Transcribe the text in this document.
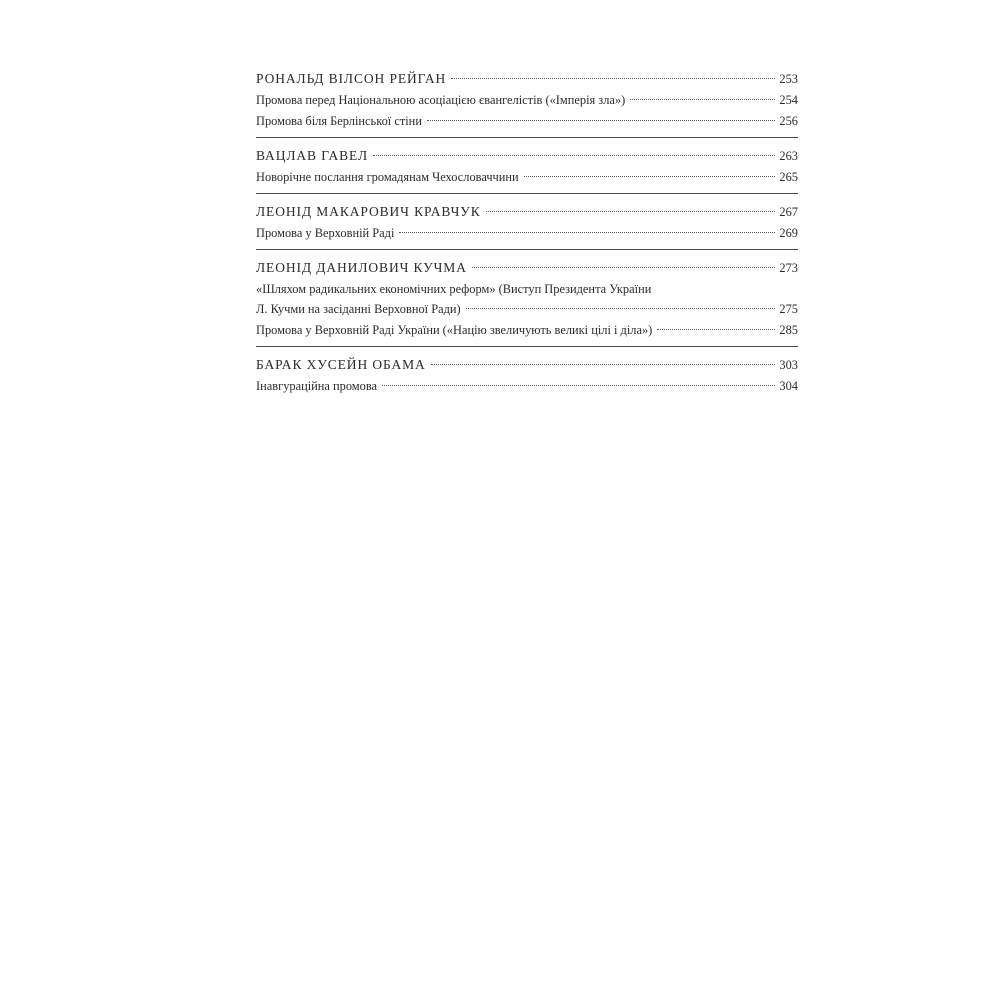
РОНАЛЬД ВІЛСОН РЕЙГАН	253
Промова перед Національною асоціацією євангелістів («Імперія зла»)	254
Промова біля Берлінської стіни	256
ВАЦЛАВ ГАВЕЛ	263
Новорічне послання громадянам Чехословаччини	265
ЛЕОНІД МАКАРОВИЧ КРАВЧУК	267
Промова у Верховній Раді	269
ЛЕОНІД ДАНИЛОВИЧ КУЧМА	273
«Шляхом радикальних економічних реформ» (Виступ Президента України
Л. Кучми на засіданні Верховної Ради)	275
Промова у Верховній Раді України («Націю звеличують великі цілі і діла»)	285
БАРАК ХУСЕЙН ОБАМА	303
Інавгураційна промова	304
